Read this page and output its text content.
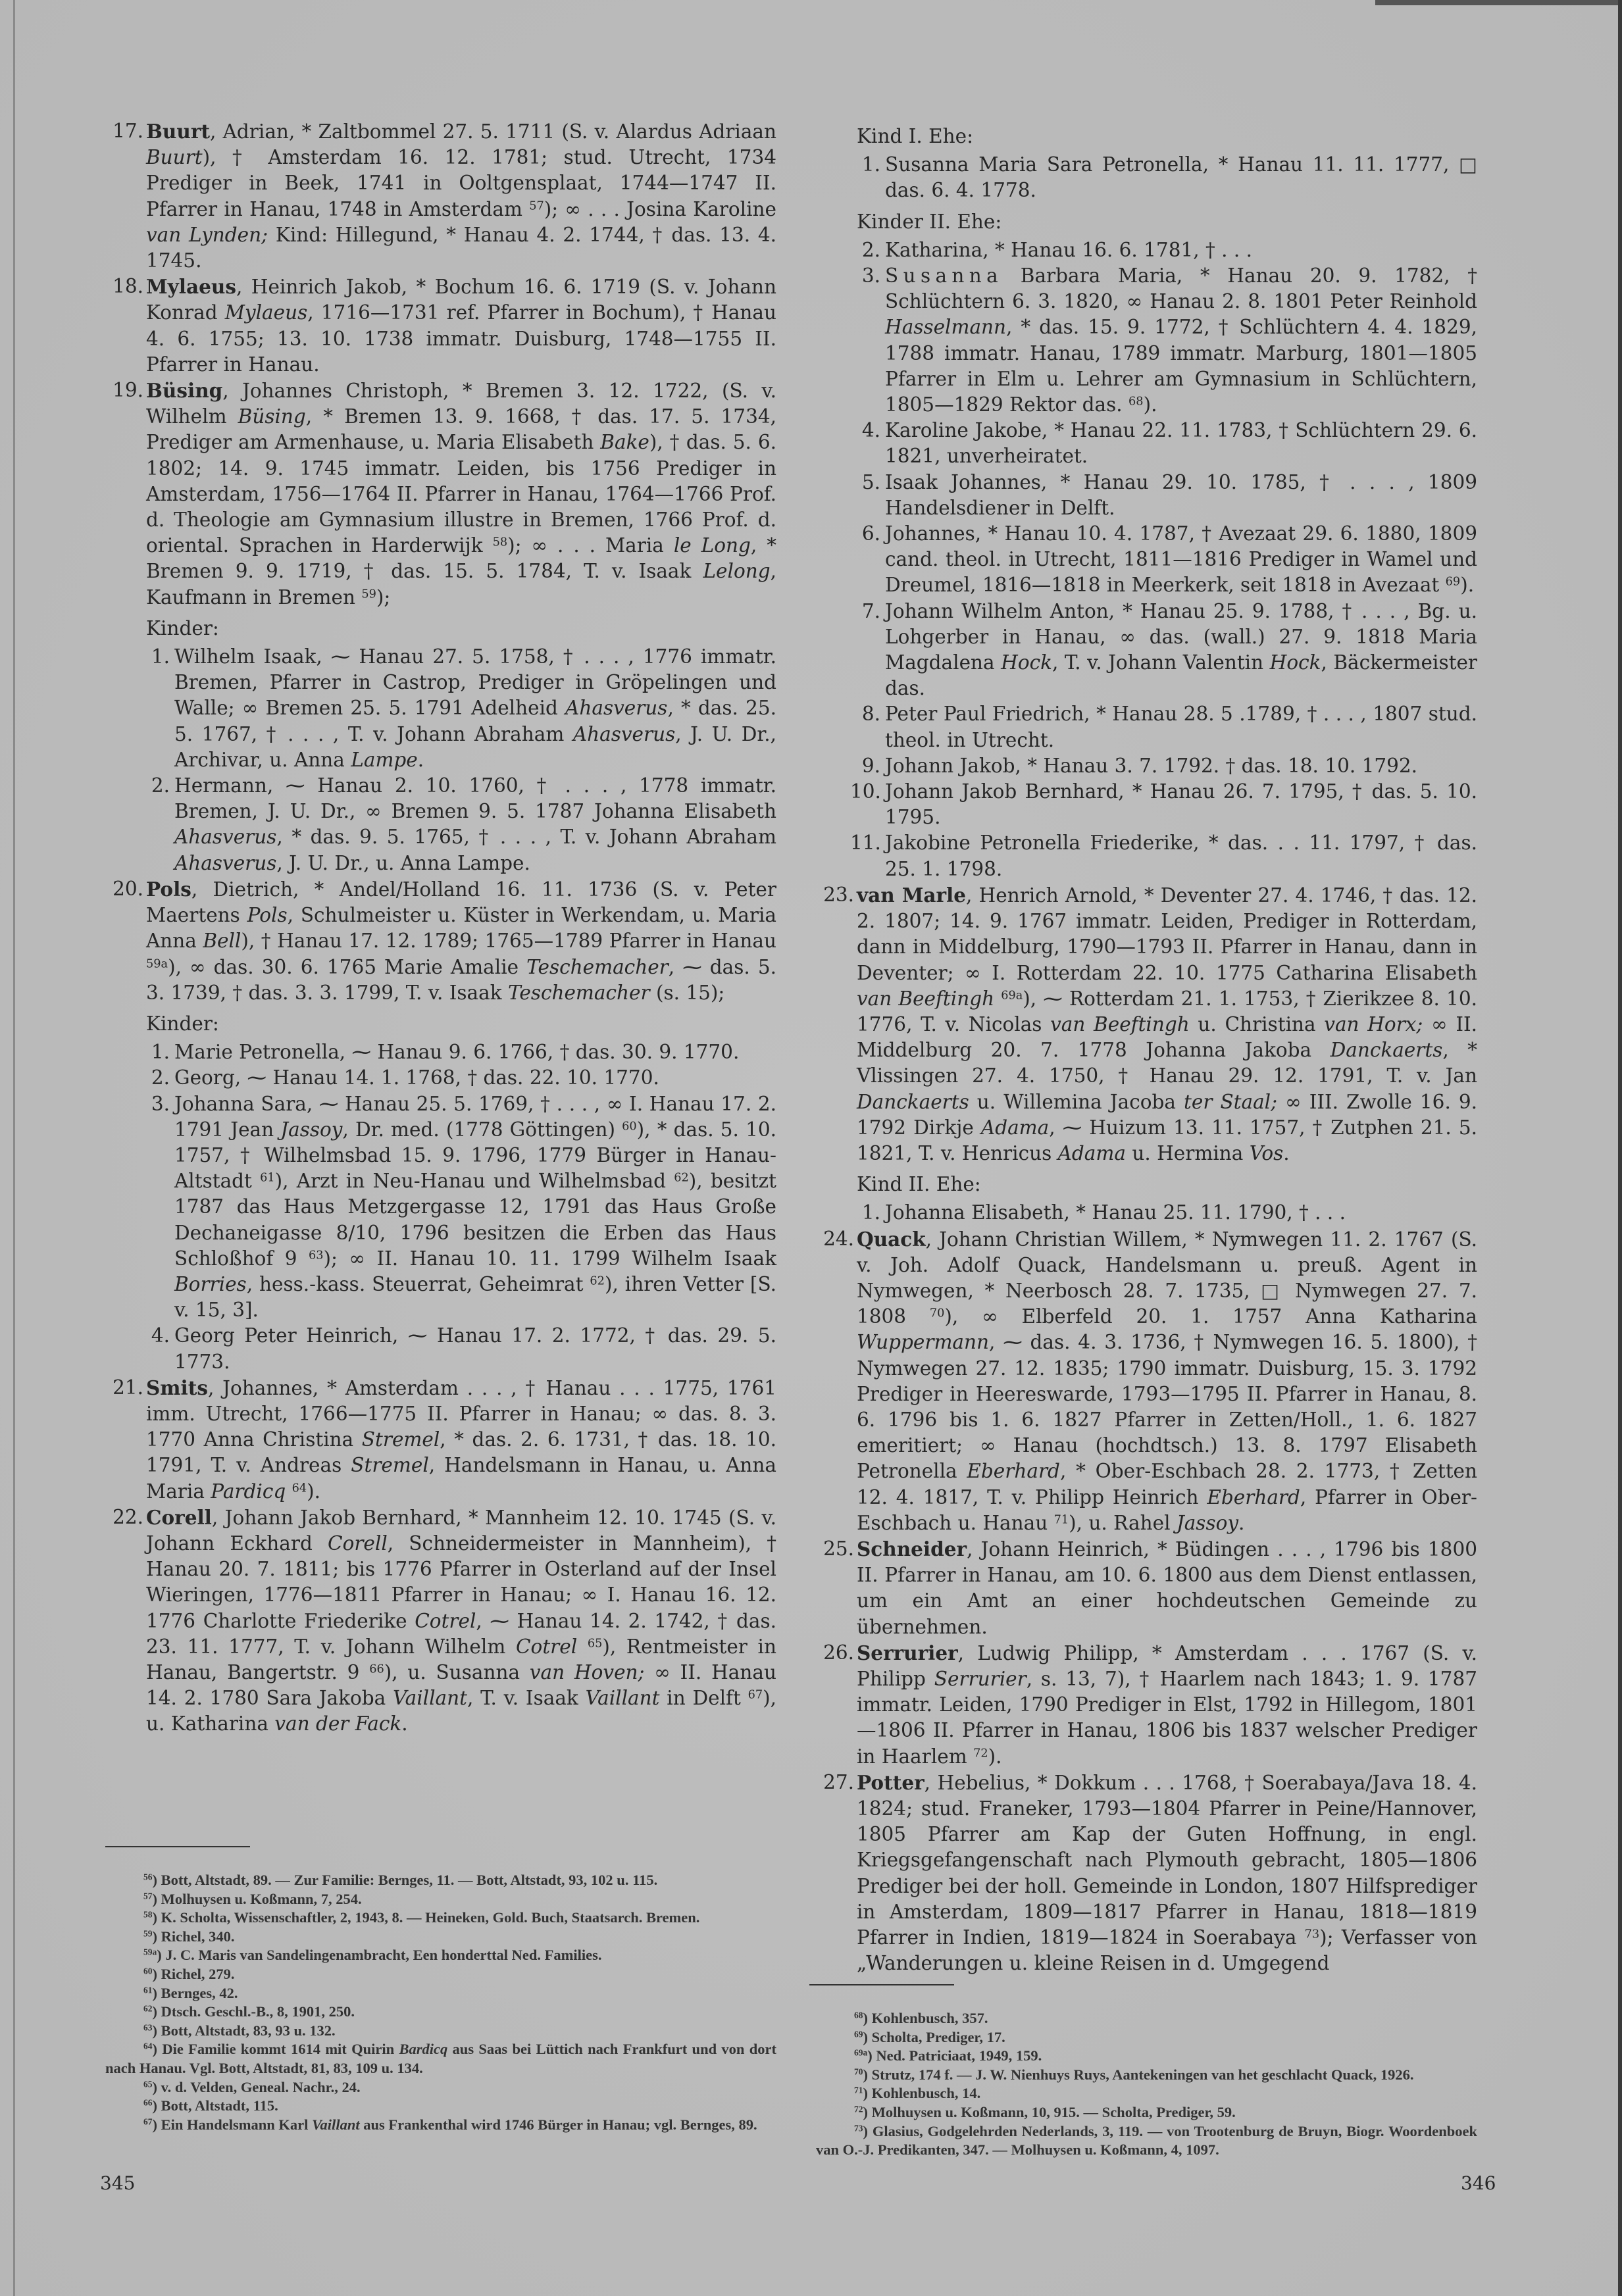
17. Buurt, Adrian, * Zaltbommel 27. 5. 1711 (S. v. Alardus Adriaan Buurt), † Amsterdam 16. 12. 1781; stud. Utrecht, 1734 Prediger in Beek, 1741 in Ooltgensplaat, 1744—1747 II. Pfarrer in Hanau, 1748 in Amsterdam $^{57}$); ∞ . . . Josina Karoline van Lynden; Kind: Hillegund, * Hanau 4. 2. 1744, † das. 13. 4. 1745.
18. Mylaeus, Heinrich Jakob, * Bochum 16. 6. 1719 (S. v. Johann Konrad Mylaeus, 1716—1731 ref. Pfarrer in Bochum), † Hanau 4. 6. 1755; 13. 10. 1738 immatr. Duisburg, 1748—1755 II. Pfarrer in Hanau.
19. Büsing, Johannes Christoph, * Bremen 3. 12. 1722, (S. v. Wilhelm Büsing, * Bremen 13. 9. 1668, † das. 17. 5. 1734, Prediger am Armenhause, u. Maria Elisabeth Bake), † das. 5. 6. 1802; 14. 9. 1745 immatr. Leiden, bis 1756 Prediger in Amsterdam, 1756—1764 II. Pfarrer in Hanau, 1764—1766 Prof. d. Theologie am Gymnasium illustre in Bremen, 1766 Prof. d. oriental. Sprachen in Harderwijk $^{58}$); ∞ . . . Maria le Long, * Bremen 9. 9. 1719, † das. 15. 5. 1784, T. v. Isaak Lelong, Kaufmann in Bremen $^{59}$);
Kinder:
1. Wilhelm Isaak, ⁓ Hanau 27. 5. 1758, † . . . , 1776 immatr. Bremen, Pfarrer in Castrop, Prediger in Gröpelingen und Walle; ∞ Bremen 25. 5. 1791 Adelheid Ahasverus, * das. 25. 5. 1767, † . . . , T. v. Johann Abraham Ahasverus, J. U. Dr., Archivar, u. Anna Lampe.
2. Hermann, ⁓ Hanau 2. 10. 1760, † . . . , 1778 immatr. Bremen, J. U. Dr., ∞ Bremen 9. 5. 1787 Johanna Elisabeth Ahasverus, * das. 9. 5. 1765, † . . . , T. v. Johann Abraham Ahasverus, J. U. Dr., u. Anna Lampe.
20. Pols, Dietrich, * Andel/Holland 16. 11. 1736 (S. v. Peter Maertens Pols, Schulmeister u. Küster in Werkendam, u. Maria Anna Bell), † Hanau 17. 12. 1789; 1765—1789 Pfarrer in Hanau $^{59a}$), ∞ das. 30. 6. 1765 Marie Amalie Teschemacher, ⁓ das. 5. 3. 1739, † das. 3. 3. 1799, T. v. Isaak Teschemacher (s. 15);
Kinder:
1. Marie Petronella, ⁓ Hanau 9. 6. 1766, † das. 30. 9. 1770.
2. Georg, ⁓ Hanau 14. 1. 1768, † das. 22. 10. 1770.
3. Johanna Sara, ⁓ Hanau 25. 5. 1769, † . . . , ∞ I. Hanau 17. 2. 1791 Jean Jassoy, Dr. med. (1778 Göttingen) $^{60}$), * das. 5. 10. 1757, † Wilhelmsbad 15. 9. 1796, 1779 Bürger in Hanau-Altstadt $^{61}$), Arzt in Neu-Hanau und Wilhelmsbad $^{62}$), besitzt 1787 das Haus Metzgergasse 12, 1791 das Haus Große Dechaneigasse 8/10, 1796 besitzen die Erben das Haus Schloßhof 9 $^{63}$); ∞ II. Hanau 10. 11. 1799 Wilhelm Isaak Borries, hess.-kass. Steuerrat, Geheimrat $^{62}$), ihren Vetter [S. v. 15, 3].
4. Georg Peter Heinrich, ⁓ Hanau 17. 2. 1772, † das. 29. 5. 1773.
21. Smits, Johannes, * Amsterdam . . . , † Hanau . . . 1775, 1761 imm. Utrecht, 1766—1775 II. Pfarrer in Hanau; ∞ das. 8. 3. 1770 Anna Christina Stremel, * das. 2. 6. 1731, † das. 18. 10. 1791, T. v. Andreas Stremel, Handelsmann in Hanau, u. Anna Maria Pardicq $^{64}$).
22. Corell, Johann Jakob Bernhard, * Mannheim 12. 10. 1745 (S. v. Johann Eckhard Corell, Schneidermeister in Mannheim), † Hanau 20. 7. 1811; bis 1776 Pfarrer in Osterland auf der Insel Wieringen, 1776—1811 Pfarrer in Hanau; ∞ I. Hanau 16. 12. 1776 Charlotte Friederike Cotrel, ⁓ Hanau 14. 2. 1742, † das. 23. 11. 1777, T. v. Johann Wilhelm Cotrel $^{65}$), Rentmeister in Hanau, Bangertstr. 9 $^{66}$), u. Susanna van Hoven; ∞ II. Hanau 14. 2. 1780 Sara Jakoba Vaillant, T. v. Isaak Vaillant in Delft $^{67}$), u. Katharina van der Fack.
$^{56}$) Bott, Altstadt, 89. — Zur Familie: Bernges, 11. — Bott, Altstadt, 93, 102 u. 115.
$^{57}$) Molhuysen u. Koßmann, 7, 254.
$^{58}$) K. Scholta, Wissenschaftler, 2, 1943, 8. — Heineken, Gold. Buch, Staatsarch. Bremen.
$^{59}$) Richel, 340.
$^{59a}$) J. C. Maris van Sandelingenambracht, Een honderttal Ned. Families.
$^{60}$) Richel, 279.
$^{61}$) Bernges, 42.
$^{62}$) Dtsch. Geschl.-B., 8, 1901, 250.
$^{63}$) Bott, Altstadt, 83, 93 u. 132.
$^{64}$) Die Familie kommt 1614 mit Quirin Bardicq aus Saas bei Lüttich nach Frankfurt und von dort nach Hanau. Vgl. Bott, Altstadt, 81, 83, 109 u. 134.
$^{65}$) v. d. Velden, Geneal. Nachr., 24.
$^{66}$) Bott, Altstadt, 115.
$^{67}$) Ein Handelsmann Karl Vaillant aus Frankenthal wird 1746 Bürger in Hanau; vgl. Bernges, 89.
Kind I. Ehe:
1. Susanna Maria Sara Petronella, * Hanau 11. 11. 1777, □ das. 6. 4. 1778.
Kinder II. Ehe:
2. Katharina, * Hanau 16. 6. 1781, † . . .
3. Susanna Barbara Maria, * Hanau 20. 9. 1782, † Schlüchtern 6. 3. 1820, ∞ Hanau 2. 8. 1801 Peter Reinhold Hasselmann, * das. 15. 9. 1772, † Schlüchtern 4. 4. 1829, 1788 immatr. Hanau, 1789 immatr. Marburg, 1801—1805 Pfarrer in Elm u. Lehrer am Gymnasium in Schlüchtern, 1805—1829 Rektor das. $^{68}$).
4. Karoline Jakobe, * Hanau 22. 11. 1783, † Schlüchtern 29. 6. 1821, unverheiratet.
5. Isaak Johannes, * Hanau 29. 10. 1785, † . . . , 1809 Handelsdiener in Delft.
6. Johannes, * Hanau 10. 4. 1787, † Avezaat 29. 6. 1880, 1809 cand. theol. in Utrecht, 1811—1816 Prediger in Wamel und Dreumel, 1816—1818 in Meerkerk, seit 1818 in Avezaat $^{69}$).
7. Johann Wilhelm Anton, * Hanau 25. 9. 1788, † . . . , Bg. u. Lohgerber in Hanau, ∞ das. (wall.) 27. 9. 1818 Maria Magdalena Hock, T. v. Johann Valentin Hock, Bäckermeister das.
8. Peter Paul Friedrich, * Hanau 28. 5 .1789, † . . . , 1807 stud. theol. in Utrecht.
9. Johann Jakob, * Hanau 3. 7. 1792. † das. 18. 10. 1792.
10. Johann Jakob Bernhard, * Hanau 26. 7. 1795, † das. 5. 10. 1795.
11. Jakobine Petronella Friederike, * das. . . 11. 1797, † das. 25. 1. 1798.
23. van Marle, Henrich Arnold, * Deventer 27. 4. 1746, † das. 12. 2. 1807; 14. 9. 1767 immatr. Leiden, Prediger in Rotterdam, dann in Middelburg, 1790—1793 II. Pfarrer in Hanau, dann in Deventer; ∞ I. Rotterdam 22. 10. 1775 Catharina Elisabeth van Beeftingh $^{69a}$), ⁓ Rotterdam 21. 1. 1753, † Zierikzee 8. 10. 1776, T. v. Nicolas van Beeftingh u. Christina van Horx; ∞ II. Middelburg 20. 7. 1778 Johanna Jakoba Danckaerts, * Vlissingen 27. 4. 1750, † Hanau 29. 12. 1791, T. v. Jan Danckaerts u. Willemina Jacoba ter Staal; ∞ III. Zwolle 16. 9. 1792 Dirkje Adama, ⁓ Huizum 13. 11. 1757, † Zutphen 21. 5. 1821, T. v. Henricus Adama u. Hermina Vos.
Kind II. Ehe:
1. Johanna Elisabeth, * Hanau 25. 11. 1790, † . . .
24. Quack, Johann Christian Willem, * Nymwegen 11. 2. 1767 (S. v. Joh. Adolf Quack, Handelsmann u. preuß. Agent in Nymwegen, * Neerbosch 28. 7. 1735, □ Nymwegen 27. 7. 1808 $^{70}$), ∞ Elberfeld 20. 1. 1757 Anna Katharina Wuppermann, ⁓ das. 4. 3. 1736, † Nymwegen 16. 5. 1800), † Nymwegen 27. 12. 1835; 1790 immatr. Duisburg, 15. 3. 1792 Prediger in Heereswarde, 1793—1795 II. Pfarrer in Hanau, 8. 6. 1796 bis 1. 6. 1827 Pfarrer in Zetten/Holl., 1. 6. 1827 emeritiert; ∞ Hanau (hochdtsch.) 13. 8. 1797 Elisabeth Petronella Eberhard, * Ober-Eschbach 28. 2. 1773, † Zetten 12. 4. 1817, T. v. Philipp Heinrich Eberhard, Pfarrer in Ober-Eschbach u. Hanau $^{71}$), u. Rahel Jassoy.
25. Schneider, Johann Heinrich, * Büdingen . . . , 1796 bis 1800 II. Pfarrer in Hanau, am 10. 6. 1800 aus dem Dienst entlassen, um ein Amt an einer hochdeutschen Gemeinde zu übernehmen.
26. Serrurier, Ludwig Philipp, * Amsterdam . . . 1767 (S. v. Philipp Serrurier, s. 13, 7), † Haarlem nach 1843; 1. 9. 1787 immatr. Leiden, 1790 Prediger in Elst, 1792 in Hillegom, 1801—1806 II. Pfarrer in Hanau, 1806 bis 1837 welscher Prediger in Haarlem $^{72}$).
27. Potter, Hebelius, * Dokkum . . . 1768, † Soerabaya/Java 18. 4. 1824; stud. Franeker, 1793—1804 Pfarrer in Peine/Hannover, 1805 Pfarrer am Kap der Guten Hoffnung, in engl. Kriegsgefangenschaft nach Plymouth gebracht, 1805—1806 Prediger bei der holl. Gemeinde in London, 1807 Hilfsprediger in Amsterdam, 1809—1817 Pfarrer in Hanau, 1818—1819 Pfarrer in Indien, 1819—1824 in Soerabaya $^{73}$); Verfasser von „Wanderungen u. kleine Reisen in d. Umgegend
$^{68}$) Kohlenbusch, 357.
$^{69}$) Scholta, Prediger, 17.
$^{69a}$) Ned. Patriciaat, 1949, 159.
$^{70}$) Strutz, 174 f. — J. W. Nienhuys Ruys, Aantekeningen van het geschlacht Quack, 1926.
$^{71}$) Kohlenbusch, 14.
$^{72}$) Molhuysen u. Koßmann, 10, 915. — Scholta, Prediger, 59.
$^{73}$) Glasius, Godgelehrden Nederlands, 3, 119. — von Trootenburg de Bruyn, Biogr. Woordenboek van O.-J. Predikanten, 347. — Molhuysen u. Koßmann, 4, 1097.
345	346
